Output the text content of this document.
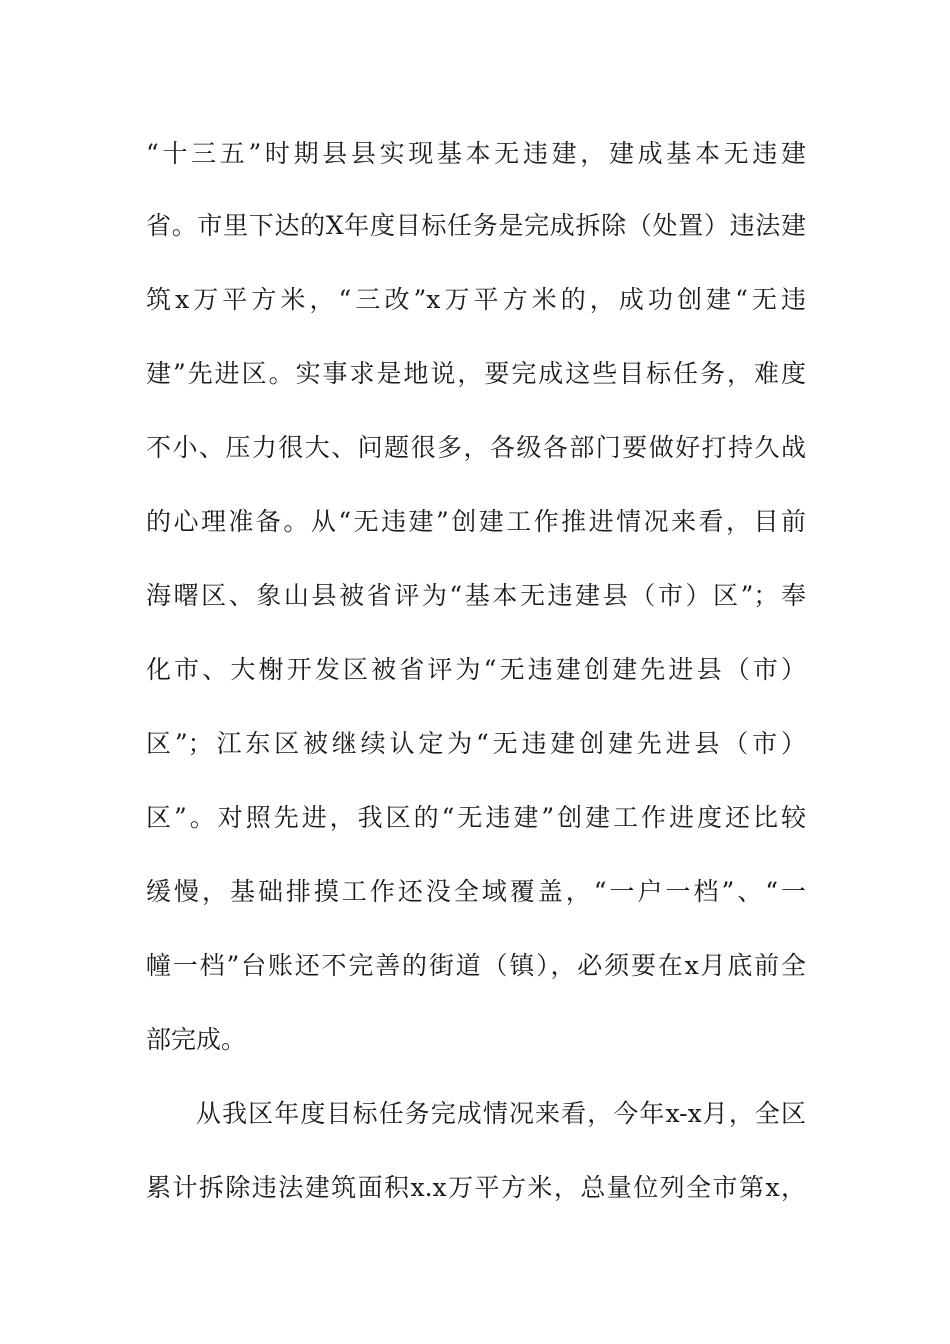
“十三五”时期县县实现基本无违建，建成基本无违建
省。市里下达的X年度目标任务是完成拆除（处置）违法建
筑x万平方米，“三改”x万平方米的，成功创建“无违
建”先进区。实事求是地说，要完成这些目标任务，难度
不小、压力很大、问题很多，各级各部门要做好打持久战
的心理准备。从“无违建”创建工作推进情况来看，目前
海曙区、象山县被省评为“基本无违建县（市）区”；奉
化市、大榭开发区被省评为“无违建创建先进县（市）
区”；江东区被继续认定为“无违建创建先进县（市）
区”。对照先进，我区的“无违建”创建工作进度还比较
缓慢，基础排摸工作还没全域覆盖，“一户一档”、“一
幢一档”台账还不完善的街道（镇），必须要在x月底前全
部完成。
从我区年度目标任务完成情况来看，今年x-x月，全区
累计拆除违法建筑面积x.x万平方米，总量位列全市第x，
